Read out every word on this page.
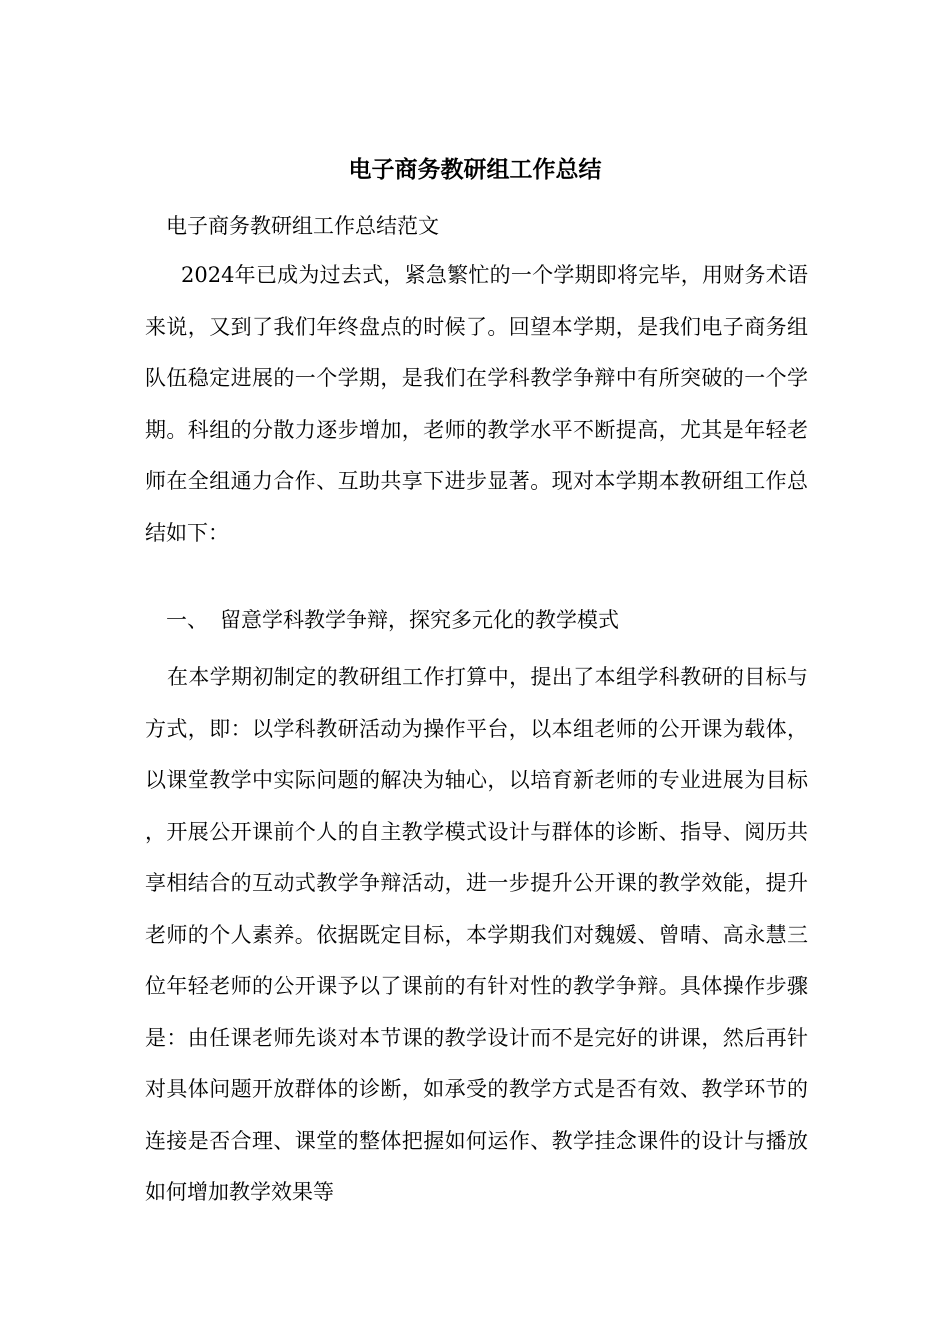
电子商务教研组工作总结

电子商务教研组工作总结范文

2024年已成为过去式，紧急繁忙的一个学期即将完毕，用财务术语来说，又到了我们年终盘点的时候了。回望本学期，是我们电子商务组队伍稳定进展的一个学期，是我们在学科教学争辩中有所突破的一个学期。科组的分散力逐步增加，老师的教学水平不断提高，尤其是年轻老师在全组通力合作、互助共享下进步显著。现对本学期本教研组工作总结如下：

一、 留意学科教学争辩，探究多元化的教学模式

在本学期初制定的教研组工作打算中，提出了本组学科教研的目标与方式，即：以学科教研活动为操作平台，以本组老师的公开课为载体，以课堂教学中实际问题的解决为轴心，以培育新老师的专业进展为目标，开展公开课前个人的自主教学模式设计与群体的诊断、指导、阅历共享相结合的互动式教学争辩活动，进一步提升公开课的教学效能，提升老师的个人素养。依据既定目标，本学期我们对魏媛、曾晴、高永慧三位年轻老师的公开课予以了课前的有针对性的教学争辩。具体操作步骤是：由任课老师先谈对本节课的教学设计而不是完好的讲课，然后再针对具体问题开放群体的诊断，如承受的教学方式是否有效、教学环节的连接是否合理、课堂的整体把握如何运作、教学挂念课件的设计与播放如何增加教学效果等
